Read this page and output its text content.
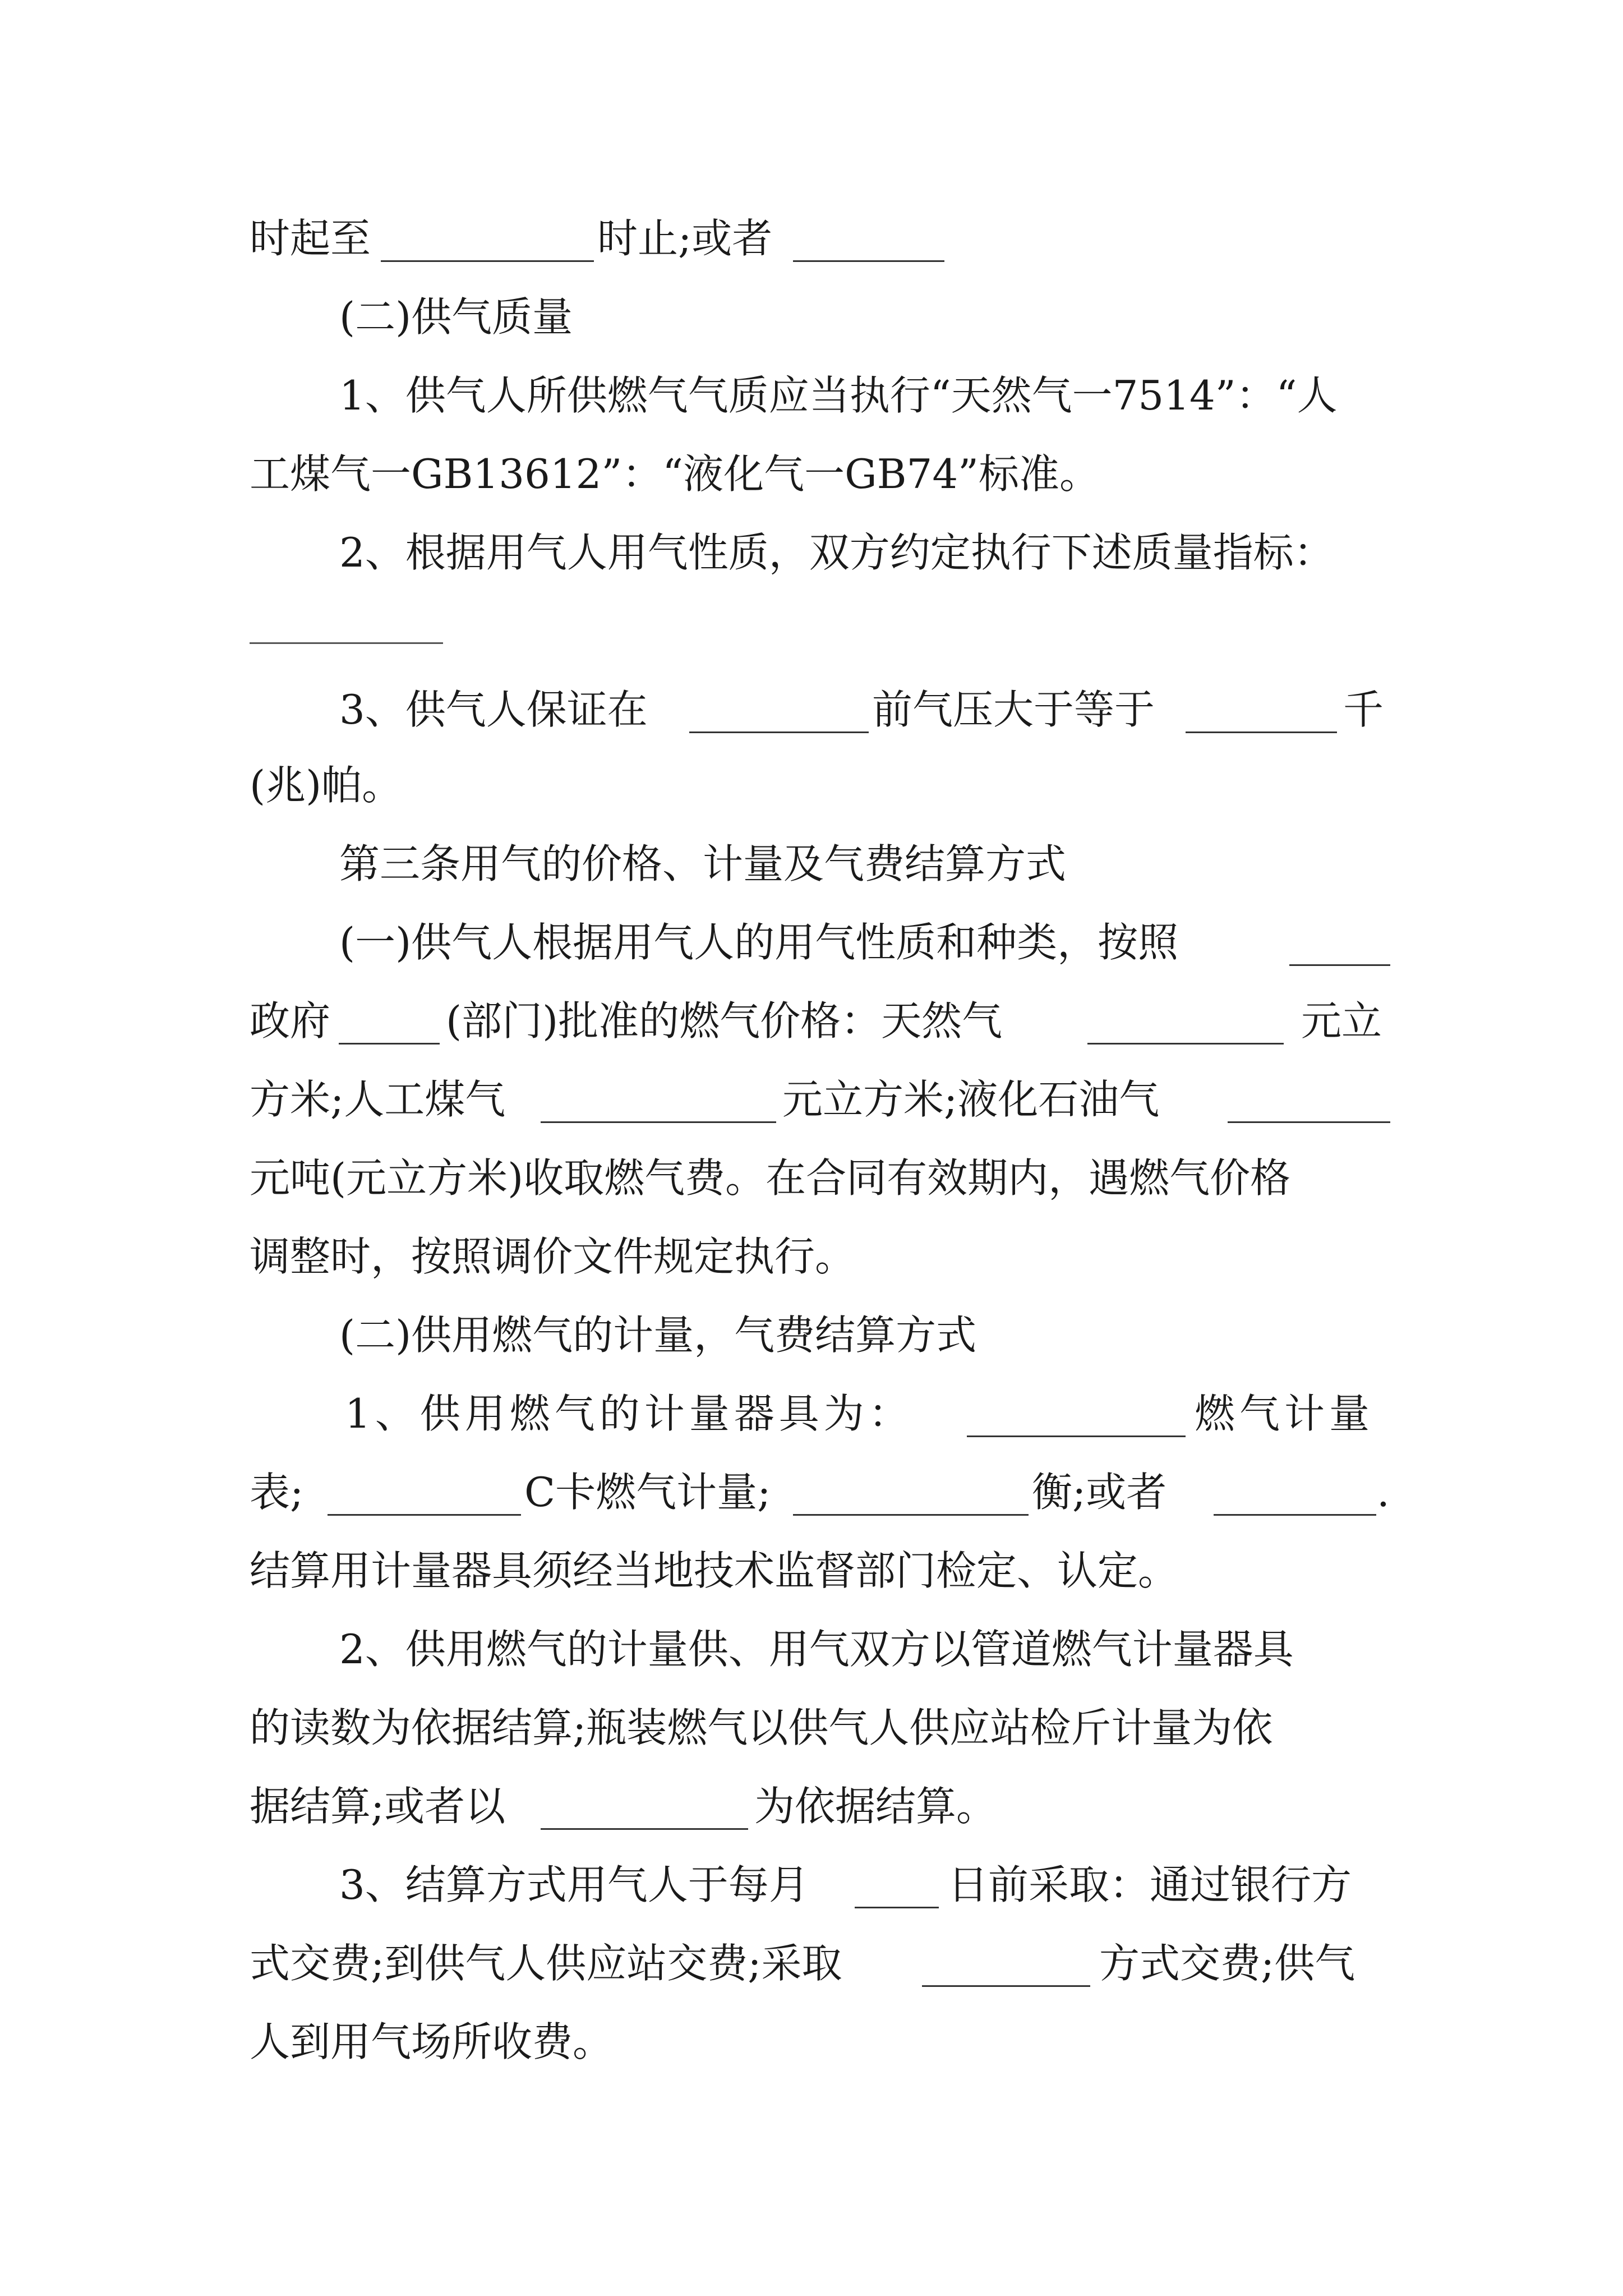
时起至	时止;或者
(二)供气质量
1、供气人所供燃气气质应当执行“天然气一7514”：“人
工煤气一GB13612”：“液化气一GB74”标准。
2、根据用气人用气性质，双方约定执行下述质量指标：
3、供气人保证在	前气压大于等于	千
(兆)帕。
第三条用气的价格、计量及气费结算方式
(一)供气人根据用气人的用气性质和种类，按照
政府	(部门)批准的燃气价格：天然气	元立
方米;人工煤气	元立方米;液化石油气
元吨(元立方米)收取燃气费。在合同有效期内，遇燃气价格
调整时，按照调价文件规定执行。
(二)供用燃气的计量，气费结算方式
1、供用燃气的计量器具为：	燃气计量
表;	C卡燃气计量;	衡;或者	.
结算用计量器具须经当地技术监督部门检定、认定。
2、供用燃气的计量供、用气双方以管道燃气计量器具
的读数为依据结算;瓶装燃气以供气人供应站检斤计量为依
据结算;或者以	为依据结算。
3、结算方式用气人于每月	日前采取：通过银行方
式交费;到供气人供应站交费;采取	方式交费;供气
人到用气场所收费。
